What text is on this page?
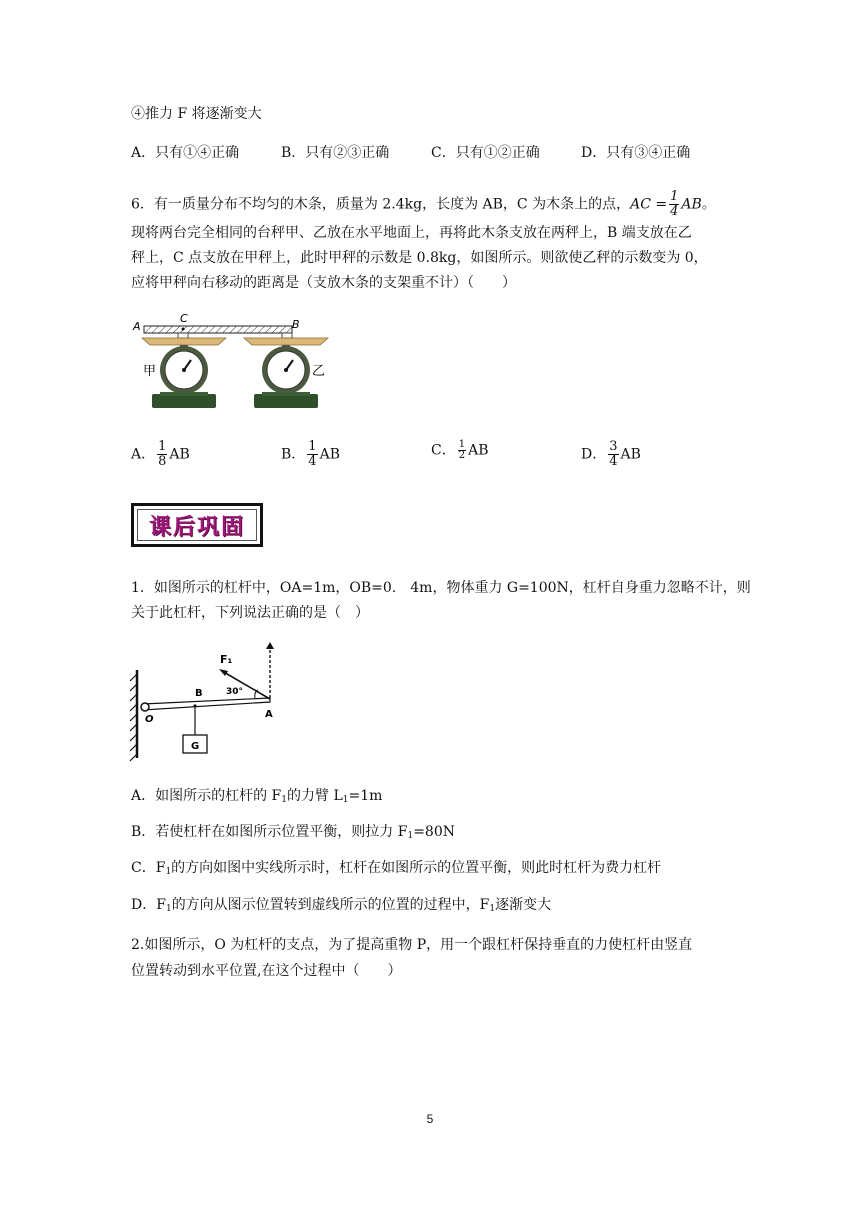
④推力 F 将逐渐变大
A．只有①④正确	B．只有②③正确	C．只有①②正确	D．只有③④正确
6．有一质量分布不均匀的木条，质量为 2.4kg，长度为 AB，C 为木条上的点，AC = $\frac{1}{4}$ AB。
现将两台完全相同的台秤甲、乙放在水平地面上，再将此木条支放在两秤上，B 端支放在乙
秤上，C 点支放在甲秤上，此时甲秤的示数是 0.8kg，如图所示。则欲使乙秤的示数变为 0，
应将甲秤向右移动的距离是（支放木条的支架重不计）（　　）
A
C	B
甲	乙
A． $\frac{1}{8}$ AB	B． $\frac{1}{4}$ AB	C． $\frac{1}{2}$ AB	D． $\frac{3}{4}$ AB
课后巩固
1．如图所示的杠杆中，OA=1m，OB=0.　4m，物体重力 G=100N，杠杆自身重力忽略不计，则
关于此杠杆，下列说法正确的是（　）
O
B
G
A
F₁
30°
A．如图所示的杠杆的 $F_1$的力臂 $L_1=1m$
B．若使杠杆在如图所示位置平衡，则拉力 $F_1=80N$
C．$F_1$的方向如图中实线所示时，杠杆在如图所示的位置平衡，则此时杠杆为费力杠杆
D．$F_1$的方向从图示位置转到虚线所示的位置的过程中，$F_1$逐渐变大
2.如图所示，O 为杠杆的支点，为了提高重物 P，用一个跟杠杆保持垂直的力使杠杆由竖直
位置转动到水平位置,在这个过程中（　　）
5
